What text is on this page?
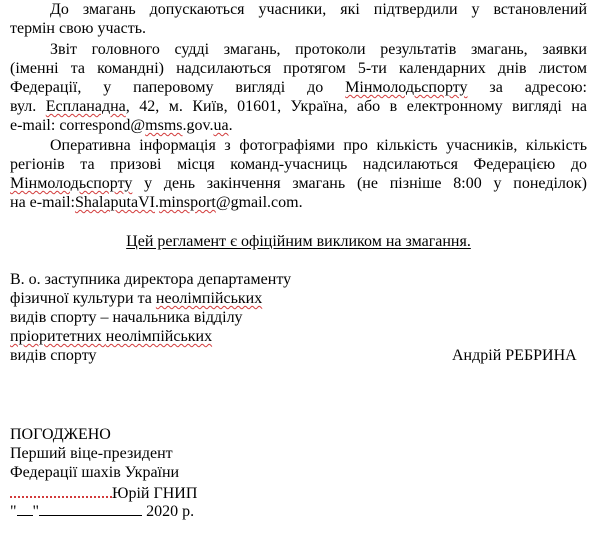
До змагань допускаються учасники, які підтвердили у встановлений
термін свою участь.
Звіт головного судді змагань, протоколи результатів змагань, заявки
(іменні та командні) надсилаються протягом 5-ти календарних днів листом
Федерації, у паперовому вигляді до Мінмолодьспорту за адресою:
вул. Еспланадна, 42, м. Київ, 01601, Україна, або в електронному вигляді на
e-mail: correspond@msms.gov.ua.
Оперативна інформація з фотографіями про кількість учасників, кількість
регіонів та призові місця команд-учасниць надсилаються Федерацією до
Мінмолодьспорту у день закінчення змагань (не пізніше 8:00 у понеділок)
на e-mail:ShalaputaVI.minsport@gmail.com.
Цей регламент є офіційним викликом на змагання.
В. о. заступника директора департаменту
фізичної культури та неолімпійських
видів спорту – начальника відділу
пріоритетних неолімпійських
видів спорту	Андрій РЕБРИНА
ПОГОДЖЕНО
Перший віце-президент
Федерації шахів України
Юрій ГНИП
" "	2020 р.
